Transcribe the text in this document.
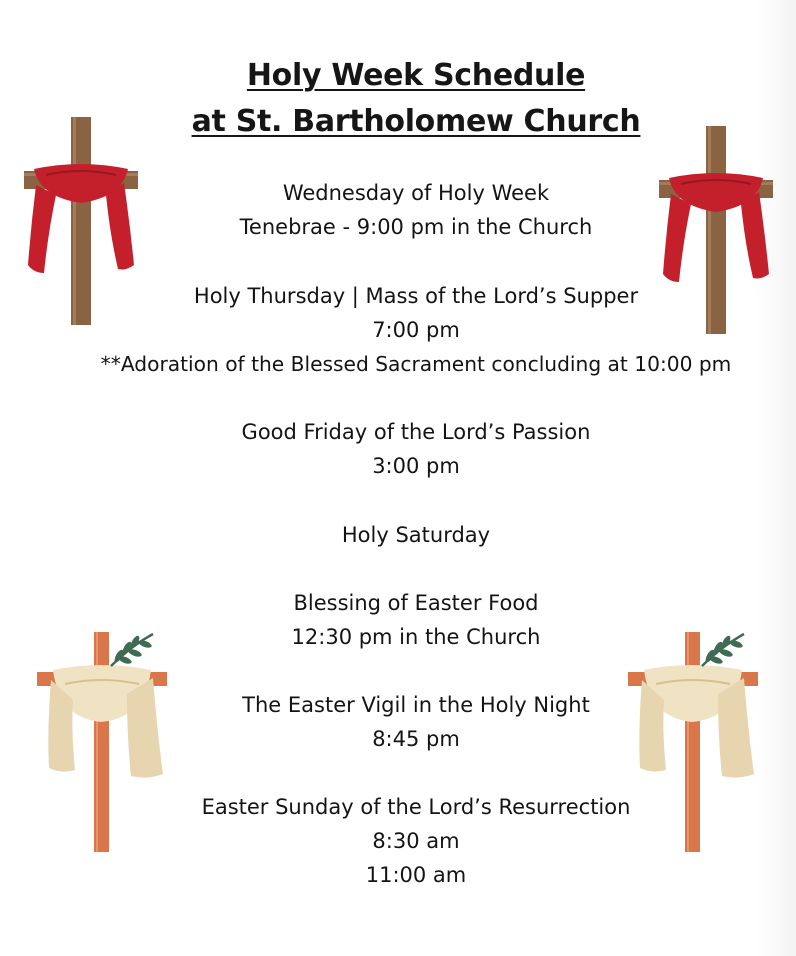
Holy Week Schedule
at St. Bartholomew Church
Wednesday of Holy Week
Tenebrae - 9:00 pm in the Church
Holy Thursday | Mass of the Lord’s Supper
7:00 pm
**Adoration of the Blessed Sacrament concluding at 10:00 pm
Good Friday of the Lord’s Passion
3:00 pm
Holy Saturday
Blessing of Easter Food
12:30 pm in the Church
The Easter Vigil in the Holy Night
8:45 pm
Easter Sunday of the Lord’s Resurrection
8:30 am
11:00 am
